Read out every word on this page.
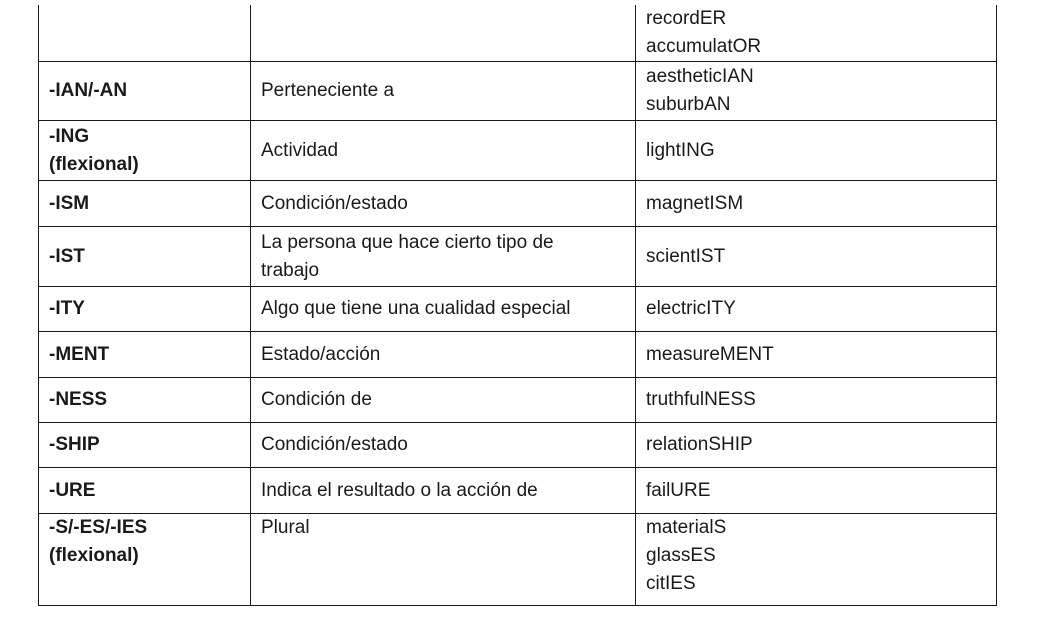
		recordER
accumulatOR

-IAN/-AN	Perteneciente a	aestheticIAN
suburbAN

-ING
(flexional)	Actividad	lightING

-ISM	Condición/estado	magnetISM

-IST	La persona que hace cierto tipo de
trabajo	scientIST

-ITY	Algo que tiene una cualidad especial	electricITY

-MENT	Estado/acción	measureMENT

-NESS	Condición de	truthfulNESS

-SHIP	Condición/estado	relationSHIP

-URE	Indica el resultado o la acción de	failURE

-S/-ES/-IES
(flexional)	Plural	materialS
glassES
citIES
